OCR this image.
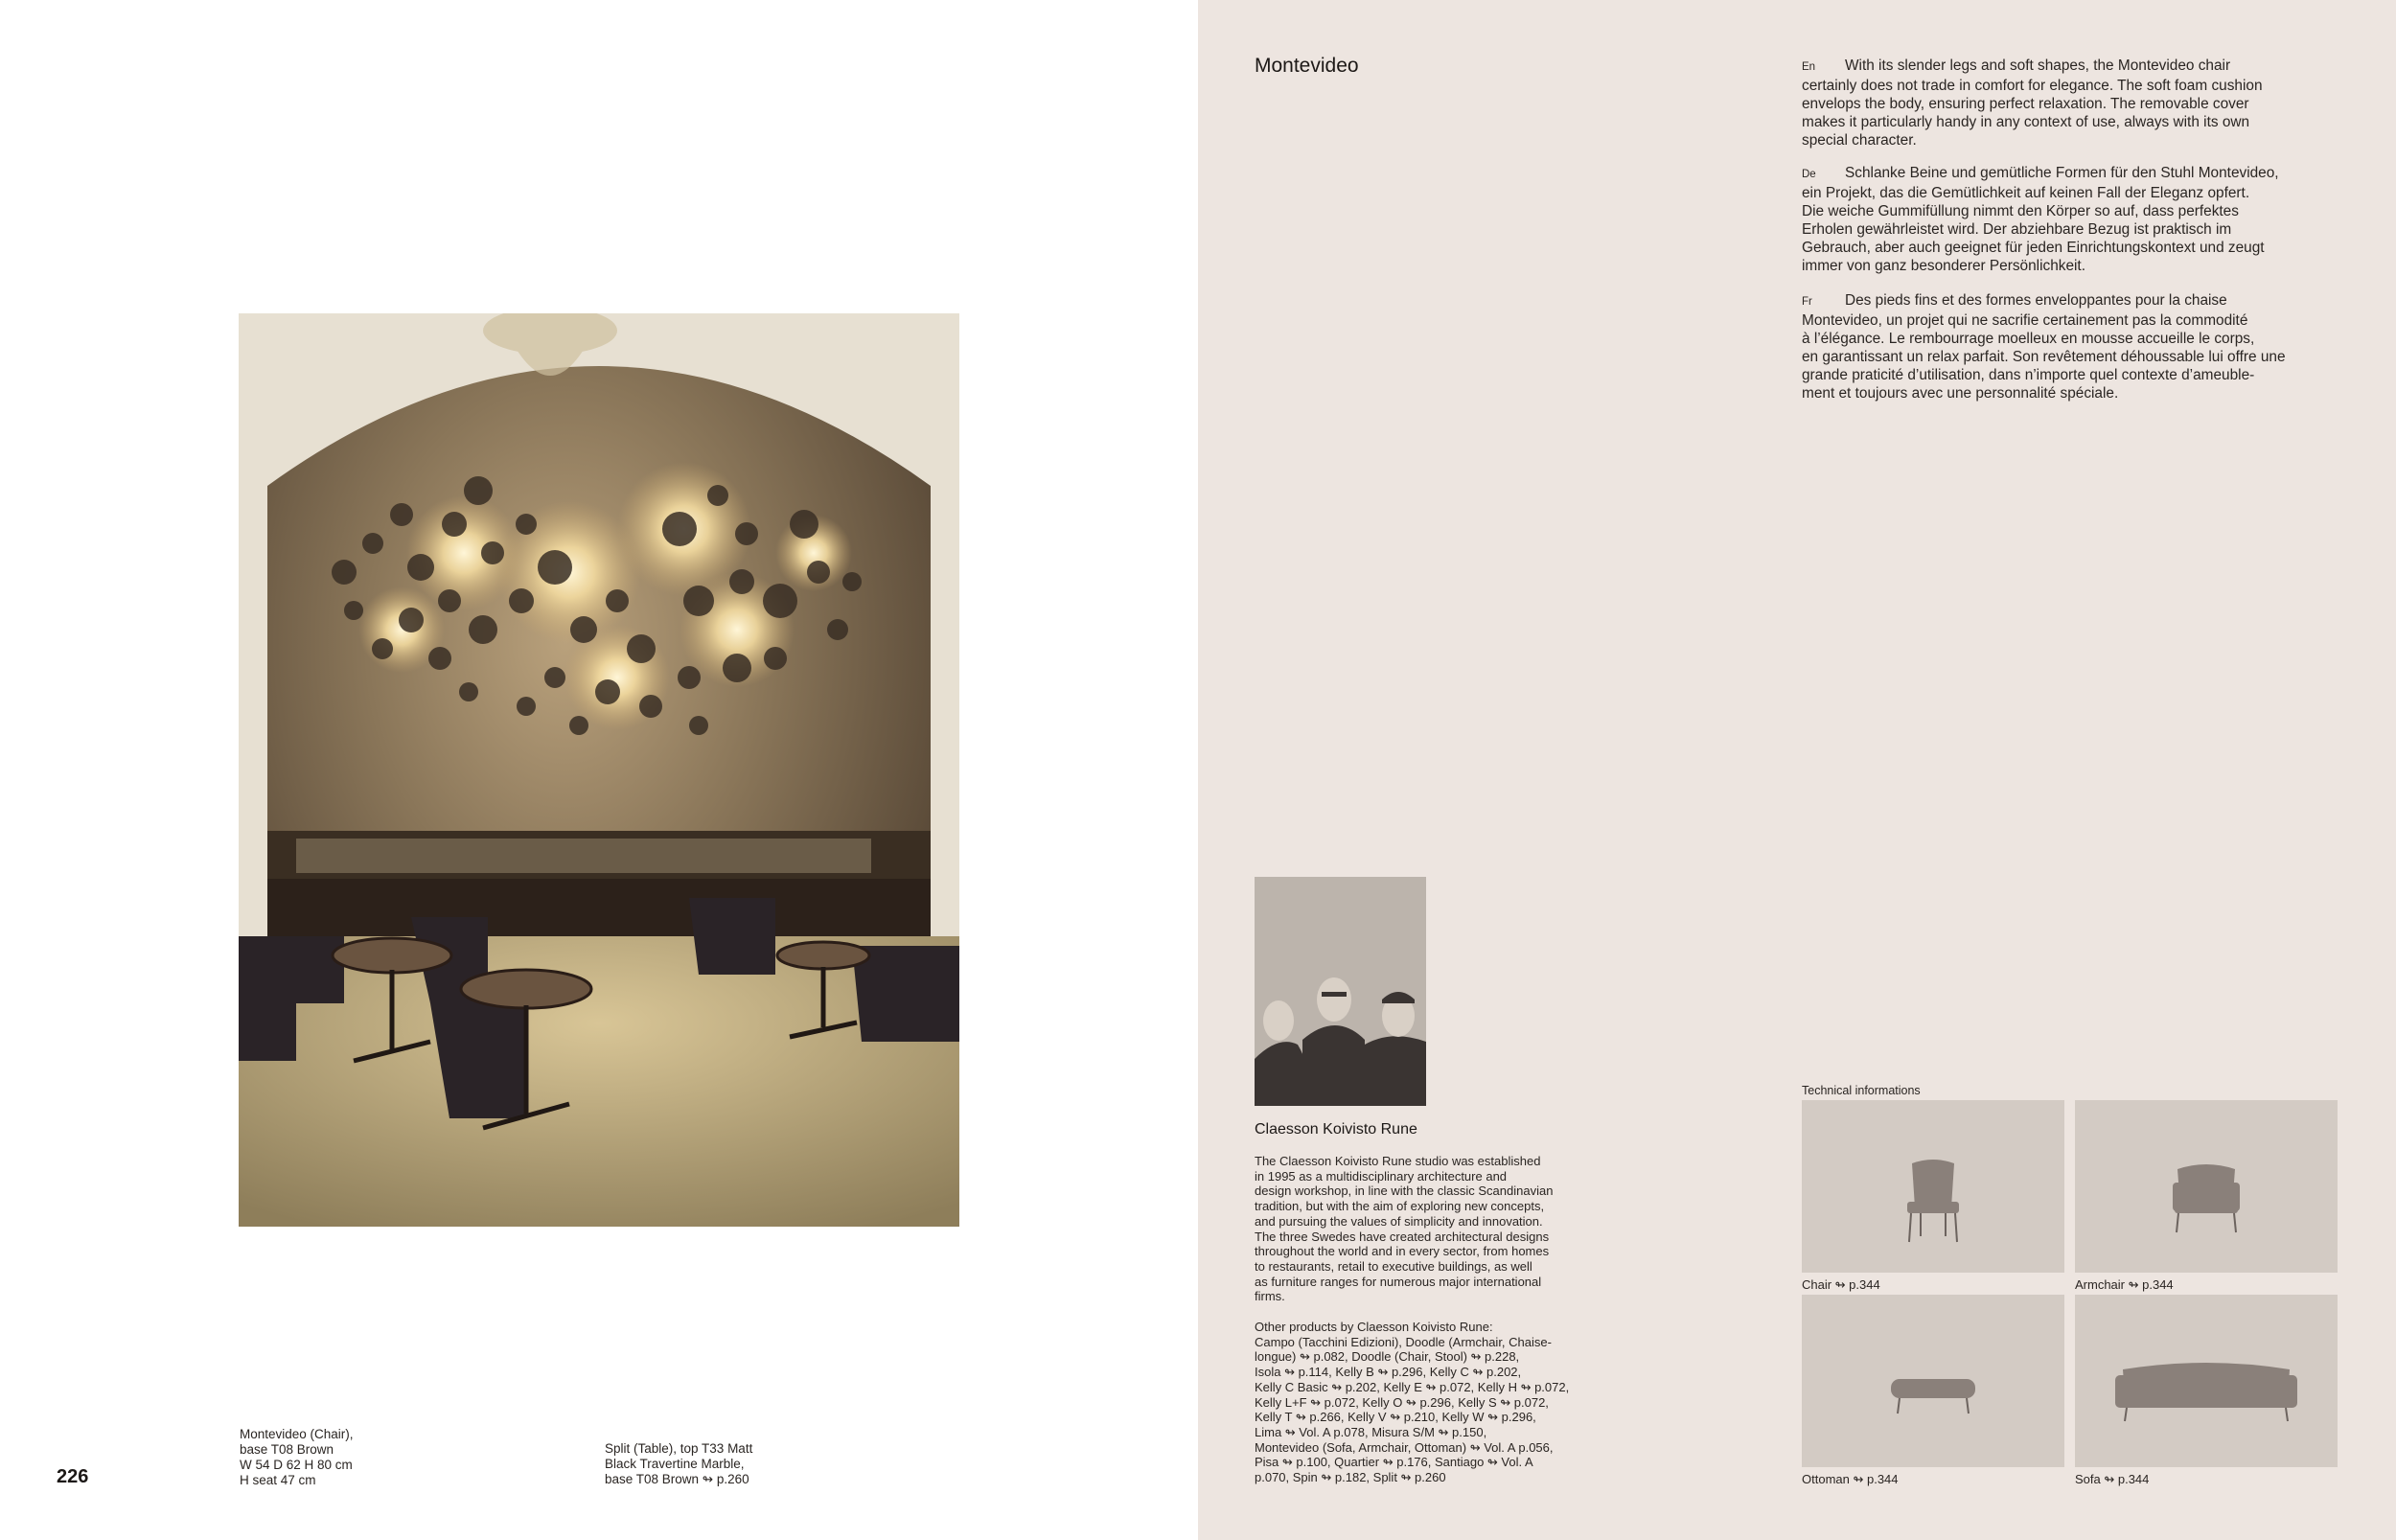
Montevideo (Chair),
base T08 Brown
W 54 D 62 H 80 cm
H seat 47 cm
Split (Table), top T33 Matt
Black Travertine Marble,
base T08 Brown ↬ p.260
226
Montevideo	En With its slender legs and soft shapes, the Montevideo chair
certainly does not trade in comfort for elegance. The soft foam cushion
envelops the body, ensuring perfect relaxation. The removable cover
makes it particularly handy in any context of use, always with its own
special character.
De Schlanke Beine und gemütliche Formen für den Stuhl Montevideo,
ein Projekt, das die Gemütlichkeit auf keinen Fall der Eleganz opfert.
Die weiche Gummifüllung nimmt den Körper so auf, dass perfektes
Erholen gewährleistet wird. Der abziehbare Bezug ist praktisch im
Gebrauch, aber auch geeignet für jeden Einrichtungskontext und zeugt
immer von ganz besonderer Persönlichkeit.
Fr Des pieds fins et des formes enveloppantes pour la chaise
Montevideo, un projet qui ne sacrifie certainement pas la commodité
à l’élégance. Le rembourrage moelleux en mousse accueille le corps,
en garantissant un relax parfait. Son revêtement déhoussable lui offre une
grande praticité d’utilisation, dans n’importe quel contexte d’ameuble-
ment et toujours avec une personnalité spéciale.
Claesson Koivisto Rune
The Claesson Koivisto Rune studio was established
in 1995 as a multidisciplinary architecture and
design workshop, in line with the classic Scandinavian
tradition, but with the aim of exploring new concepts,
and pursuing the values of simplicity and innovation.
The three Swedes have created architectural designs
throughout the world and in every sector, from homes
to restaurants, retail to executive buildings, as well
as furniture ranges for numerous major international
firms.
Other products by Claesson Koivisto Rune:
Campo (Tacchini Edizioni), Doodle (Armchair, Chaise-
longue) ↬ p.082, Doodle (Chair, Stool) ↬ p.228,
Isola ↬ p.114, Kelly B ↬ p.296, Kelly C ↬ p.202,
Kelly C Basic ↬ p.202, Kelly E ↬ p.072, Kelly H ↬ p.072,
Kelly L+F ↬ p.072, Kelly O ↬ p.296, Kelly S ↬ p.072,
Kelly T ↬ p.266, Kelly V ↬ p.210, Kelly W ↬ p.296,
Lima ↬ Vol. A p.078, Misura S/M ↬ p.150,
Montevideo (Sofa, Armchair, Ottoman) ↬ Vol. A p.056,
Pisa ↬ p.100, Quartier ↬ p.176, Santiago ↬ Vol. A
p.070, Spin ↬ p.182, Split ↬ p.260
Technical informations
Chair ↬ p.344	Armchair ↬ p.344
Ottoman ↬ p.344	Sofa ↬ p.344
